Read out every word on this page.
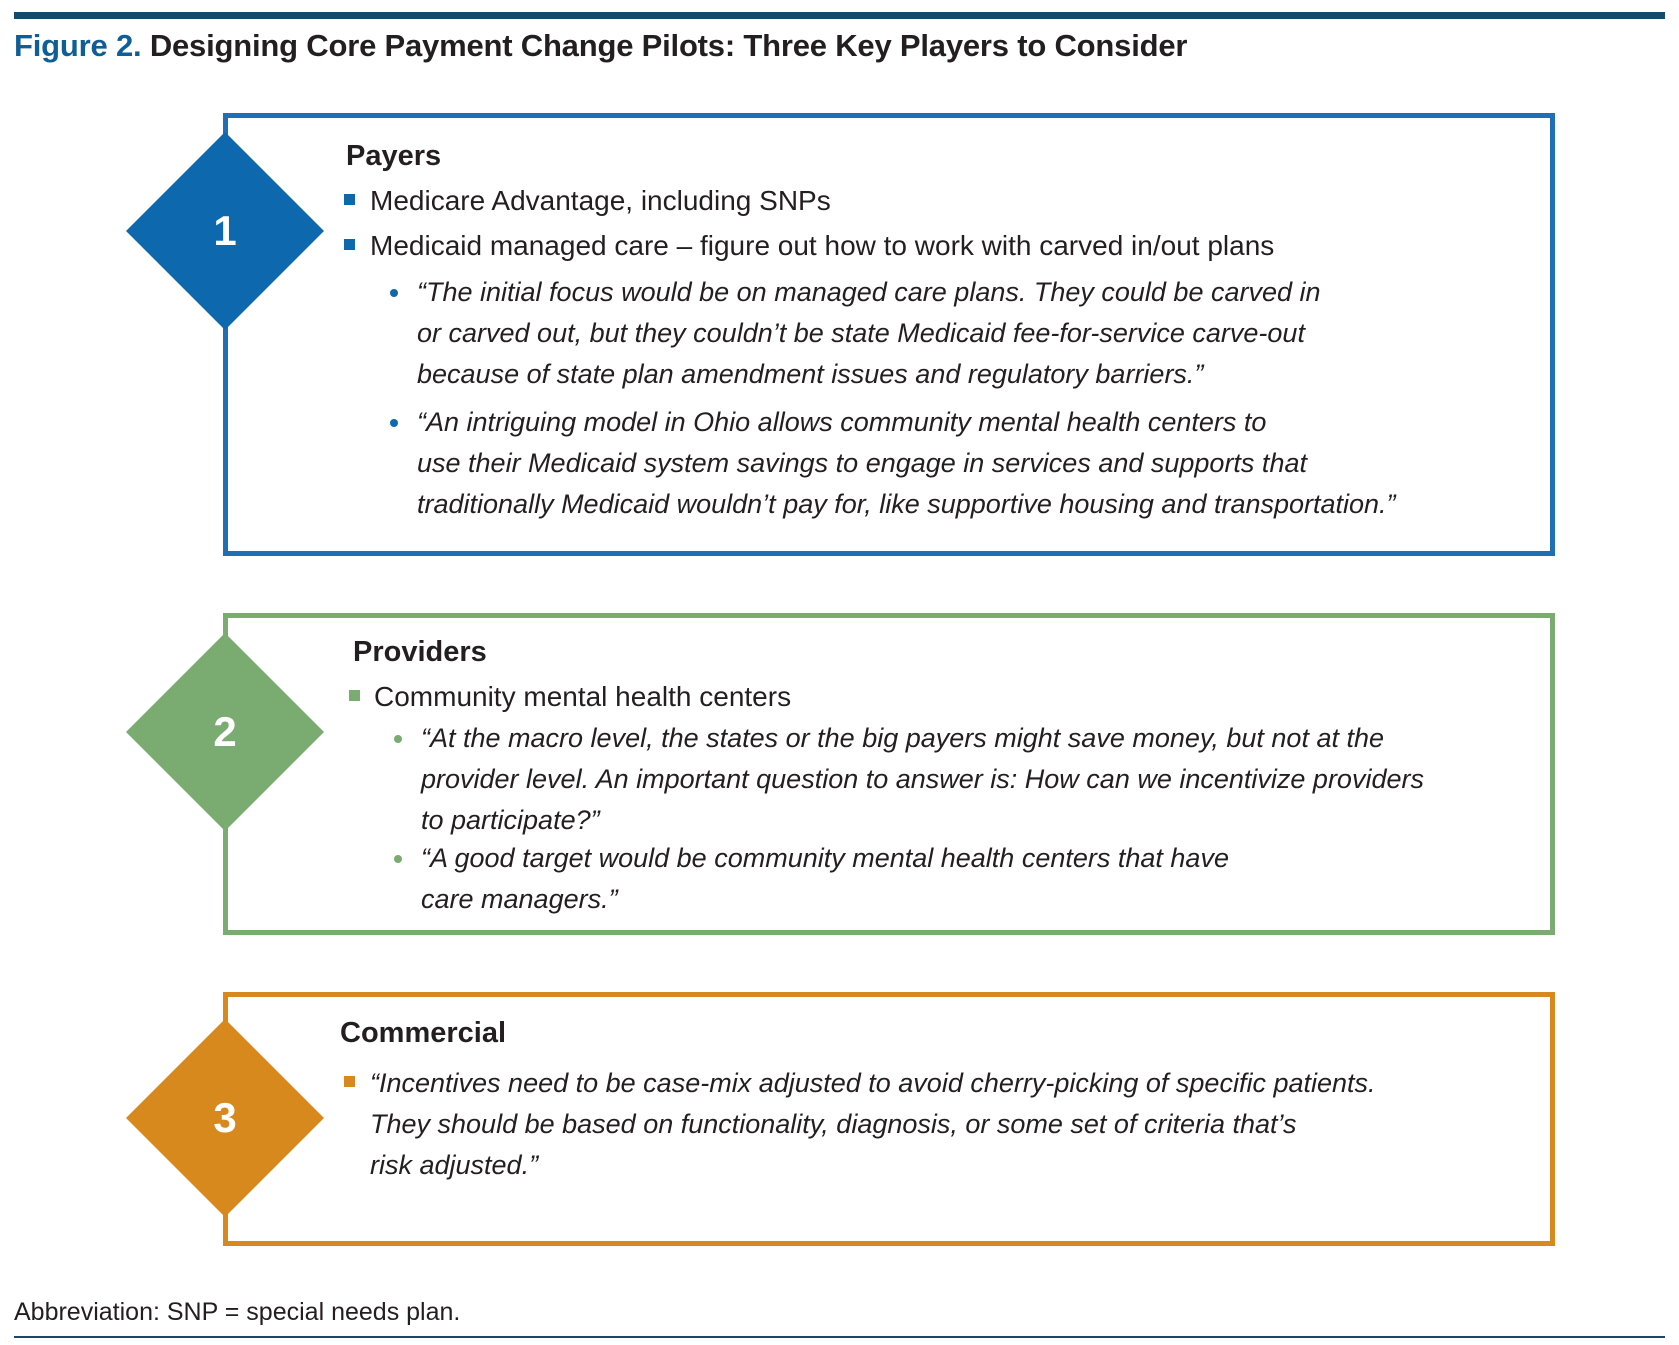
Figure 2. Designing Core Payment Change Pilots: Three Key Players to Consider
1
Payers
Medicare Advantage, including SNPs
Medicaid managed care – figure out how to work with carved in/out plans
“The initial focus would be on managed care plans. They could be carved in
or carved out, but they couldn’t be state Medicaid fee-for-service carve-out
because of state plan amendment issues and regulatory barriers.”
“An intriguing model in Ohio allows community mental health centers to
use their Medicaid system savings to engage in services and supports that
traditionally Medicaid wouldn’t pay for, like supportive housing and transportation.”
2
Providers
Community mental health centers
“At the macro level, the states or the big payers might save money, but not at the
provider level. An important question to answer is: How can we incentivize providers
to participate?”
“A good target would be community mental health centers that have
care managers.”
3
Commercial
“Incentives need to be case-mix adjusted to avoid cherry-picking of specific patients.
They should be based on functionality, diagnosis, or some set of criteria that’s
risk adjusted.”
Abbreviation: SNP = special needs plan.
